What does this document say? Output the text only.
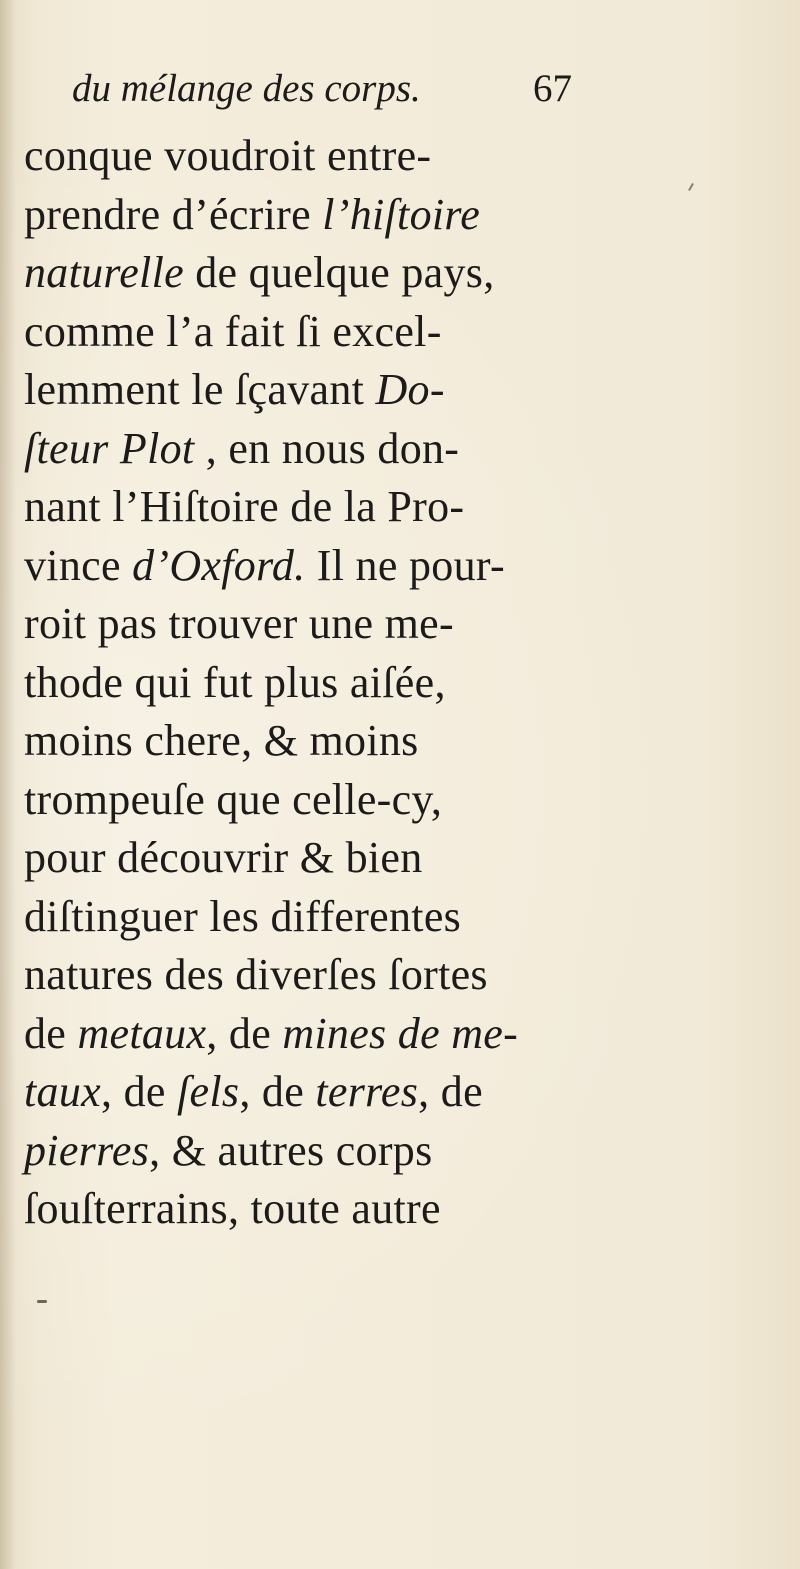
du mélange des corps.	67
conque voudroit entre-
prendre d’écrire l’hiſtoire
naturelle de quelque pays,
comme l’a fait ſi excel-
lemment le ſçavant Do-
ſteur Plot , en nous don-
nant l’Hiſtoire de la Pro-
vince d’Oxford. Il ne pour-
roit pas trouver une me-
thode qui fut plus aiſée,
moins chere, & moins
trompeuſe que celle-cy,
pour découvrir & bien
diſtinguer les differentes
natures des diverſes ſortes
de metaux, de mines de me-
taux, de ſels, de terres, de
pierres, & autres corps
ſouſterrains, toute autre
